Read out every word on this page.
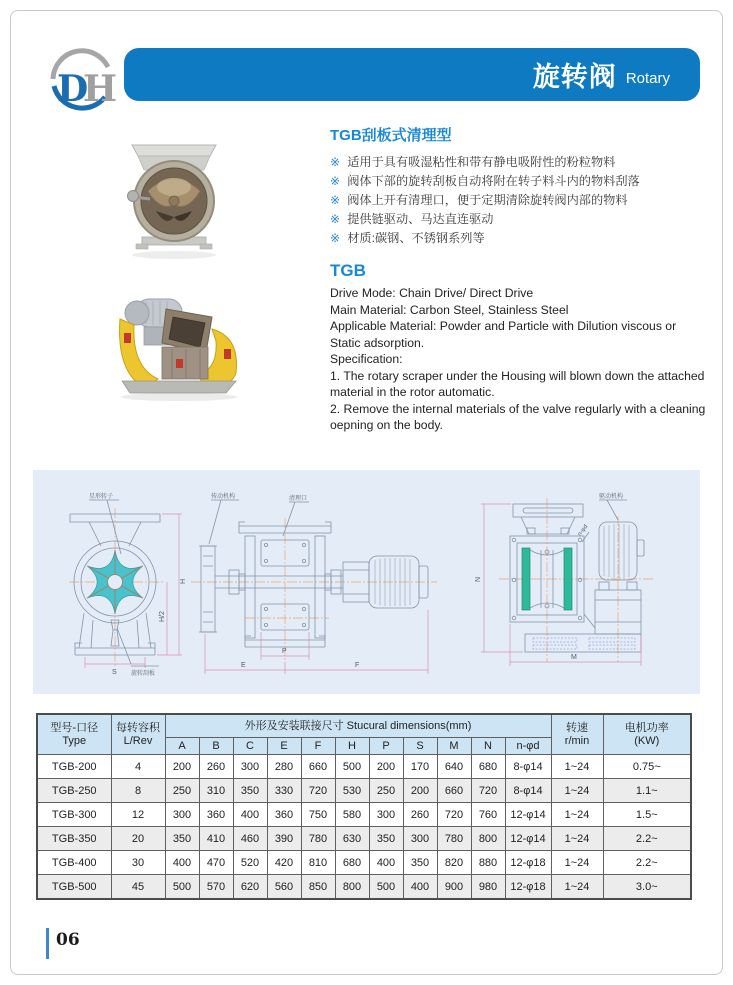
D
H	旋转阀 Rotary
TGB刮板式清理型
※ 适用于具有吸湿粘性和带有静电吸附性的粉粒物料
※ 阀体下部的旋转刮板自动将附在转子料斗内的物料刮落
※ 阀体上开有清理口，便于定期清除旋转阀内部的物料
※ 提供链驱动、马达直连驱动
※ 材质:碳钢、不锈钢系列等
TGB

Drive Mode: Chain Drive/ Direct Drive

Main Material: Carbon Steel, Stainless Steel

Applicable Material: Powder and Particle with Dilution viscous or Static adsorption.

Specification:

1. The rotary scraper under the Housing will blown down the attached material in the rotor automatic.

2. Remove the internal materials of the valve regularly with a cleaning oepning on the body.

H
H/2
S
星形转子
旋转刮板
P
E	F
传动机构	清理口
N
M
驱动机构
n-φd
型号-口径
Type

每转容积
L/Rev
	外形及安装联接尺寸 Stucural dimensions(mm)	转速
r/min

电机功率
(KW)

		A	B	C	E	F	H	P	S	M	N	n-φd		
TGB-200	4	200	260	300	280	660	500	200	170	640	680	8-φ14	1~24	0.75~
TGB-250	8	250	310	350	330	720	530	250	200	660	720	8-φ14	1~24	1.1~
TGB-300	12	300	360	400	360	750	580	300	260	720	760	12-φ14	1~24	1.5~
TGB-350	20	350	410	460	390	780	630	350	300	780	800	12-φ14	1~24	2.2~
TGB-400	30	400	470	520	420	810	680	400	350	820	880	12-φ18	1~24	2.2~
TGB-500	45	500	570	620	560	850	800	500	400	900	980	12-φ18	1~24	3.0~
06
